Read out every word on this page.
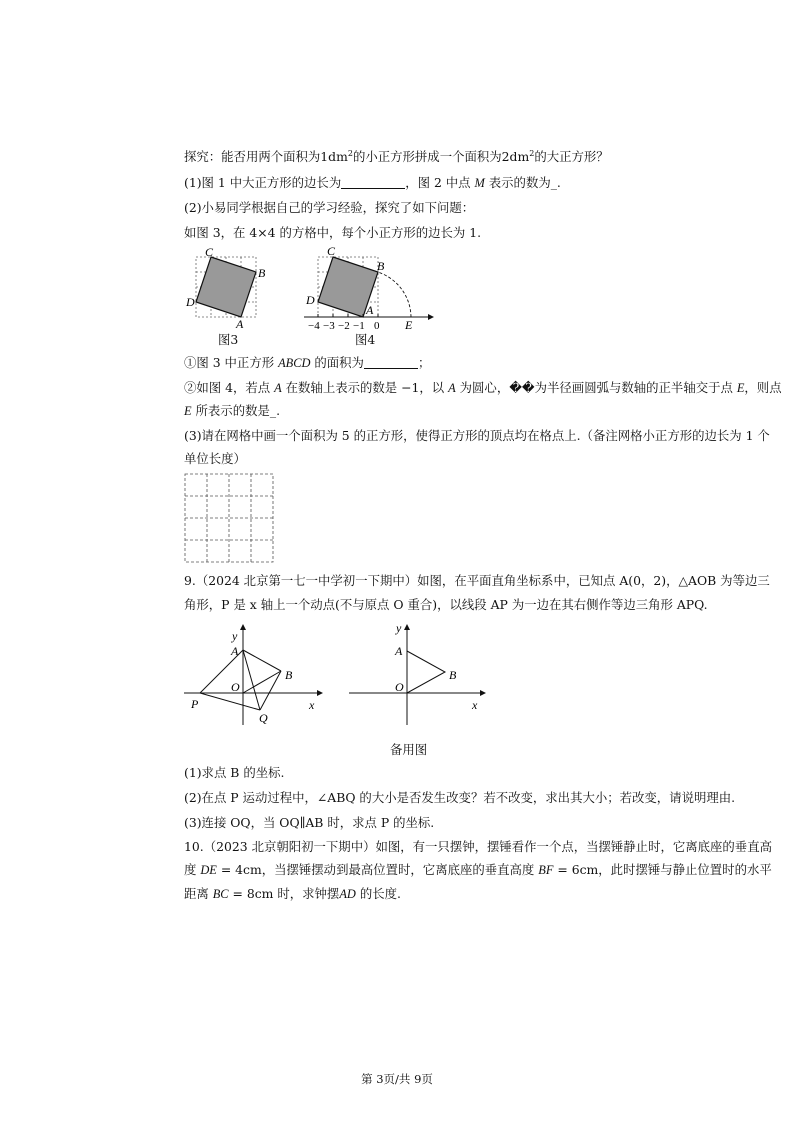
探究：能否用两个面积为$1dm^2$的小正方形拼成一个面积为$2dm^2$的大正方形？
(1)图 1 中大正方形的边长为	，图 2 中点 M 表示的数为_.
(2)小易同学根据自己的学习经验，探究了如下问题：
如图 3，在 4×4 的方格中，每个小正方形的边长为 1.
C
B
D
A
图3
C
B
D
A
E
−4 −3 −2 −1 0
图4
①图 3 中正方形 ABCD 的面积为	；
②如图 4，若点 A 在数轴上表示的数是 −1，以 A 为圆心，��为半径画圆弧与数轴的正半轴交于点 E，则点
E 所表示的数是_.
(3)请在网格中画一个面积为 5 的正方形，使得正方形的顶点均在格点上.（备注网格小正方形的边长为 1 个
单位长度）
9.（2024 北京第一七一中学初一下期中）如图，在平面直角坐标系中，已知点 A(0，2)，△AOB 为等边三
角形，P 是 x 轴上一个动点(不与原点 O 重合)，以线段 AP 为一边在其右侧作等边三角形 APQ.
y
A
B
O
P
Q
x
y
A
B
O
x
备用图
(1)求点 B 的坐标.
(2)在点 P 运动过程中，∠ABQ 的大小是否发生改变？若不改变，求出其大小；若改变，请说明理由.
(3)连接 OQ，当 OQ∥AB 时，求点 P 的坐标.
10.（2023 北京朝阳初一下期中）如图，有一只摆钟，摆锤看作一个点，当摆锤静止时，它离底座的垂直高
度 DE = 4cm，当摆锤摆动到最高位置时，它离底座的垂直高度 BF = 6cm，此时摆锤与静止位置时的水平
距离 BC = 8cm 时，求钟摆AD 的长度.
第 3页/共 9页
